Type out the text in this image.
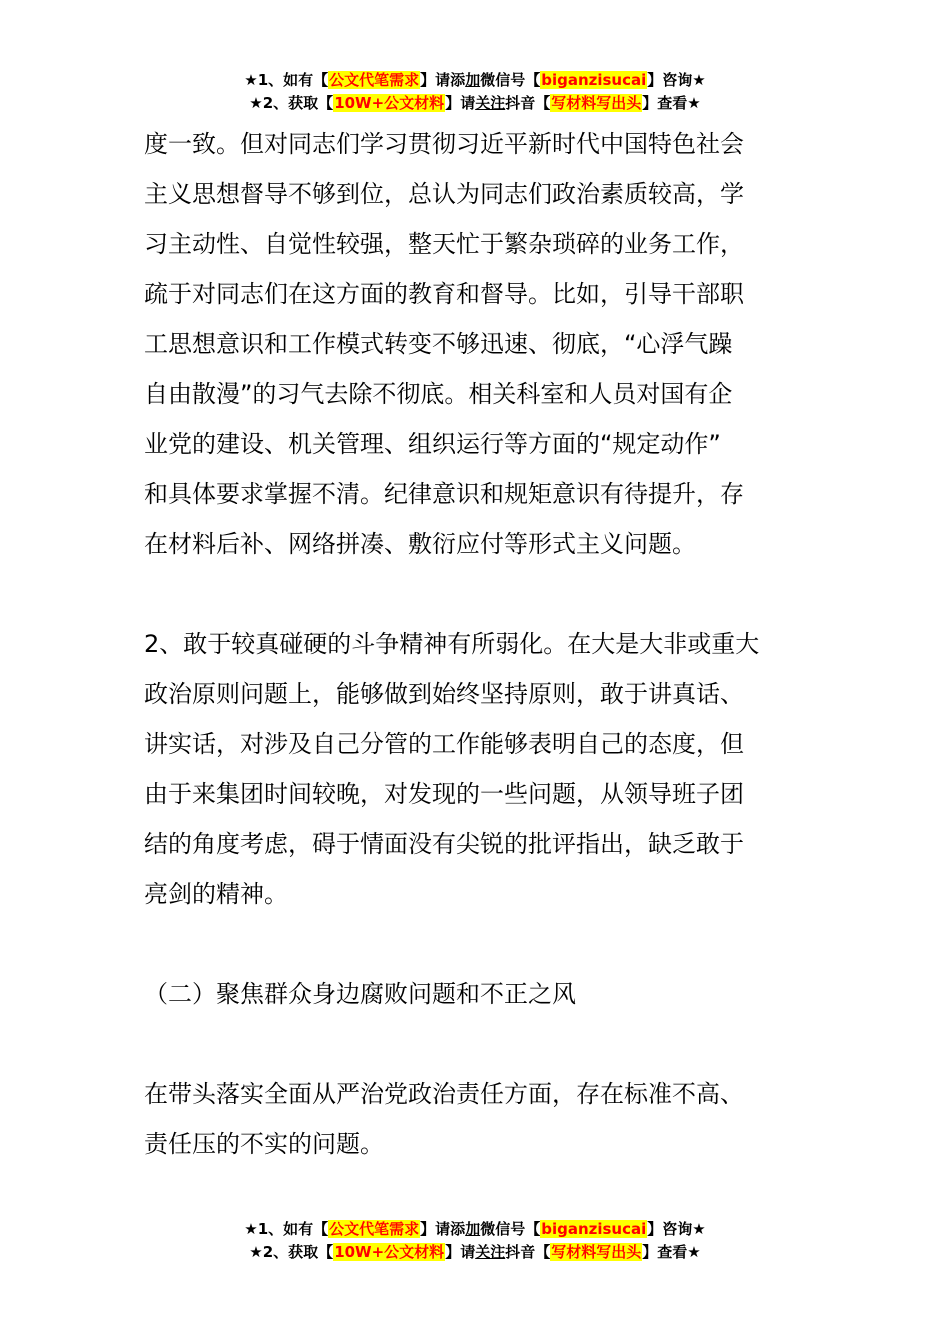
★1、如有【公文代笔需求】请添加微信号【biganzisucai】咨询★
★2、获取【10W+公文材料】请关注抖音【写材料写出头】查看★

度一致。但对同志们学习贯彻习近平新时代中国特色社会
主义思想督导不够到位，总认为同志们政治素质较高，学
习主动性、自觉性较强，整天忙于繁杂琐碎的业务工作，
疏于对同志们在这方面的教育和督导。比如，引导干部职
工思想意识和工作模式转变不够迅速、彻底，“心浮气躁
自由散漫”的习气去除不彻底。相关科室和人员对国有企
业党的建设、机关管理、组织运行等方面的“规定动作”
和具体要求掌握不清。纪律意识和规矩意识有待提升，存
在材料后补、网络拼凑、敷衍应付等形式主义问题。

2、敢于较真碰硬的斗争精神有所弱化。在大是大非或重大
政治原则问题上，能够做到始终坚持原则，敢于讲真话、
讲实话，对涉及自己分管的工作能够表明自己的态度，但
由于来集团时间较晚，对发现的一些问题，从领导班子团
结的角度考虑，碍于情面没有尖锐的批评指出，缺乏敢于
亮剑的精神。

（二）聚焦群众身边腐败问题和不正之风

在带头落实全面从严治党政治责任方面，存在标准不高、
责任压的不实的问题。

★1、如有【公文代笔需求】请添加微信号【biganzisucai】咨询★
★2、获取【10W+公文材料】请关注抖音【写材料写出头】查看★
